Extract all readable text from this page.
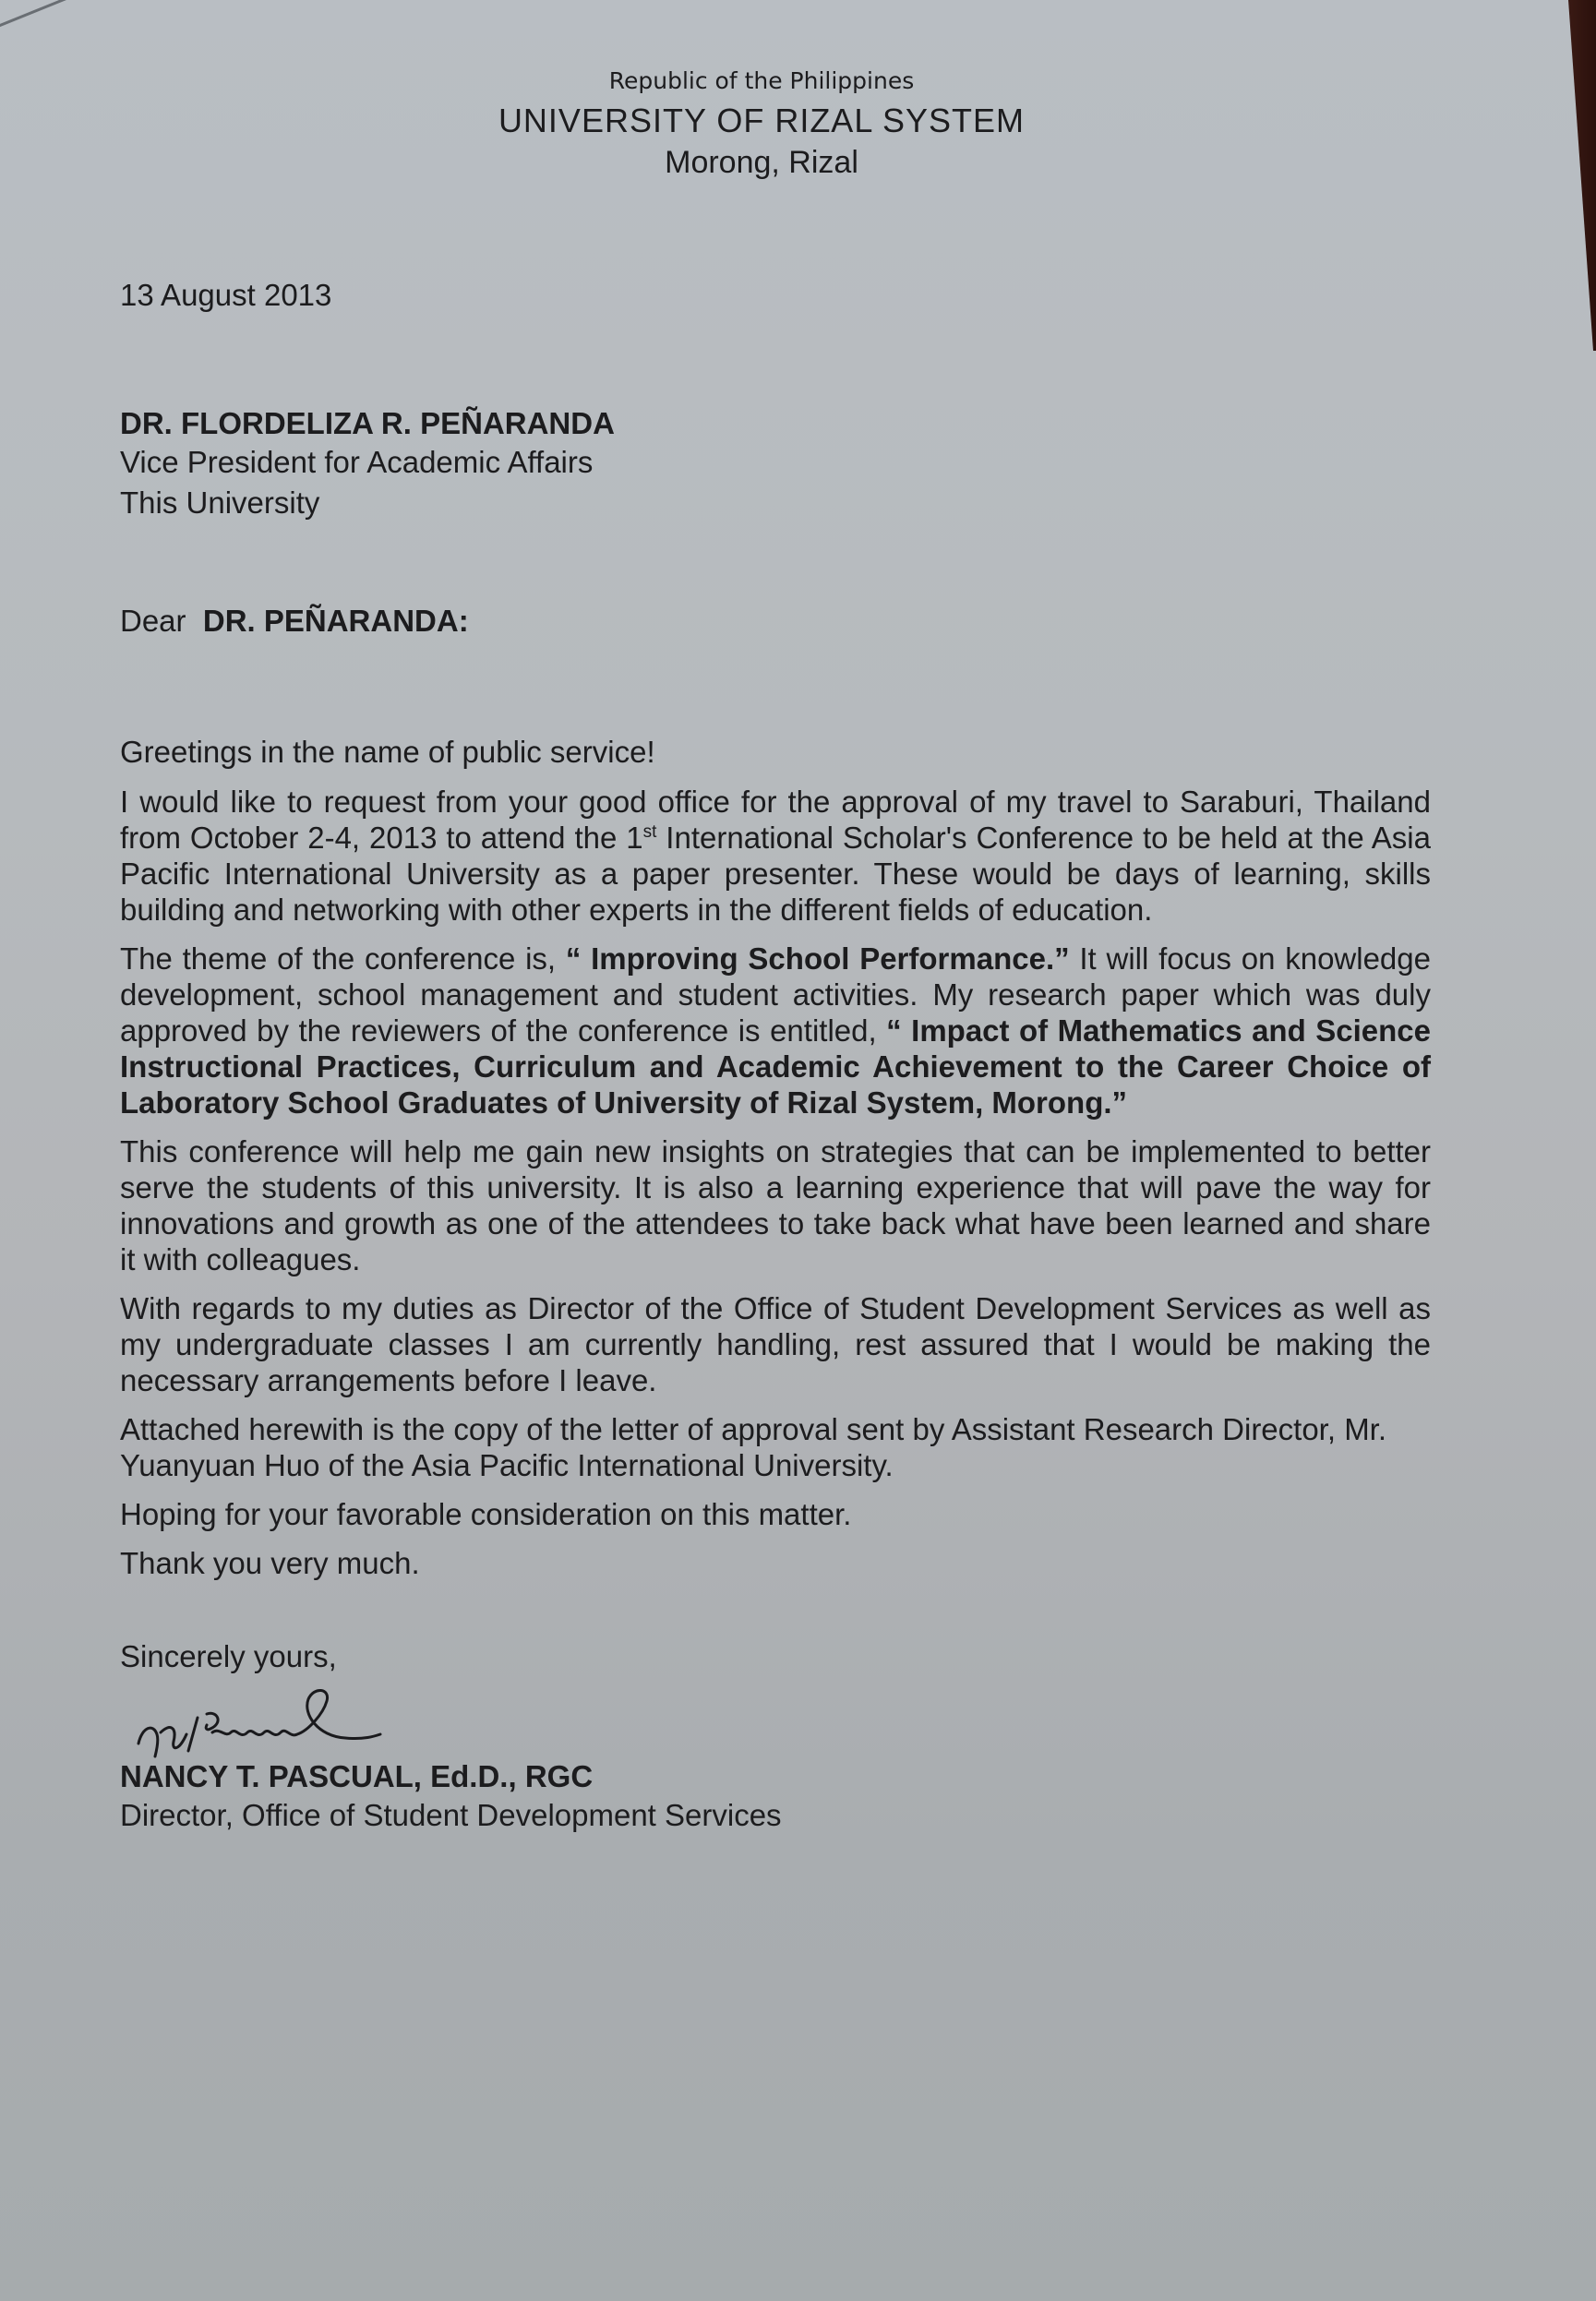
Republic of the Philippines
UNIVERSITY OF RIZAL SYSTEM
Morong, Rizal
13 August 2013
DR. FLORDELIZA R. PEÑARANDA
Vice President for Academic Affairs
This University
Dear DR. PEÑARANDA:
Greetings in the name of public service!
I would like to request from your good office for the approval of my travel to Saraburi, Thailand from October 2-4, 2013 to attend the 1st International Scholar's Conference to be held at the Asia Pacific International University as a paper presenter. These would be days of learning, skills building and networking with other experts in the different fields of education.
The theme of the conference is, “ Improving School Performance.” It will focus on knowledge development, school management and student activities. My research paper which was duly approved by the reviewers of the conference is entitled, “ Impact of Mathematics and Science Instructional Practices, Curriculum and Academic Achievement to the Career Choice of Laboratory School Graduates of University of Rizal System, Morong.”
This conference will help me gain new insights on strategies that can be implemented to better serve the students of this university. It is also a learning experience that will pave the way for innovations and growth as one of the attendees to take back what have been learned and share it with colleagues.
With regards to my duties as Director of the Office of Student Development Services as well as my undergraduate classes I am currently handling, rest assured that I would be making the necessary arrangements before I leave.
Attached herewith is the copy of the letter of approval sent by Assistant Research Director, Mr. Yuanyuan Huo of the Asia Pacific International University.
Hoping for your favorable consideration on this matter.
Thank you very much.
Sincerely yours,
NANCY T. PASCUAL, Ed.D., RGC
Director, Office of Student Development Services
